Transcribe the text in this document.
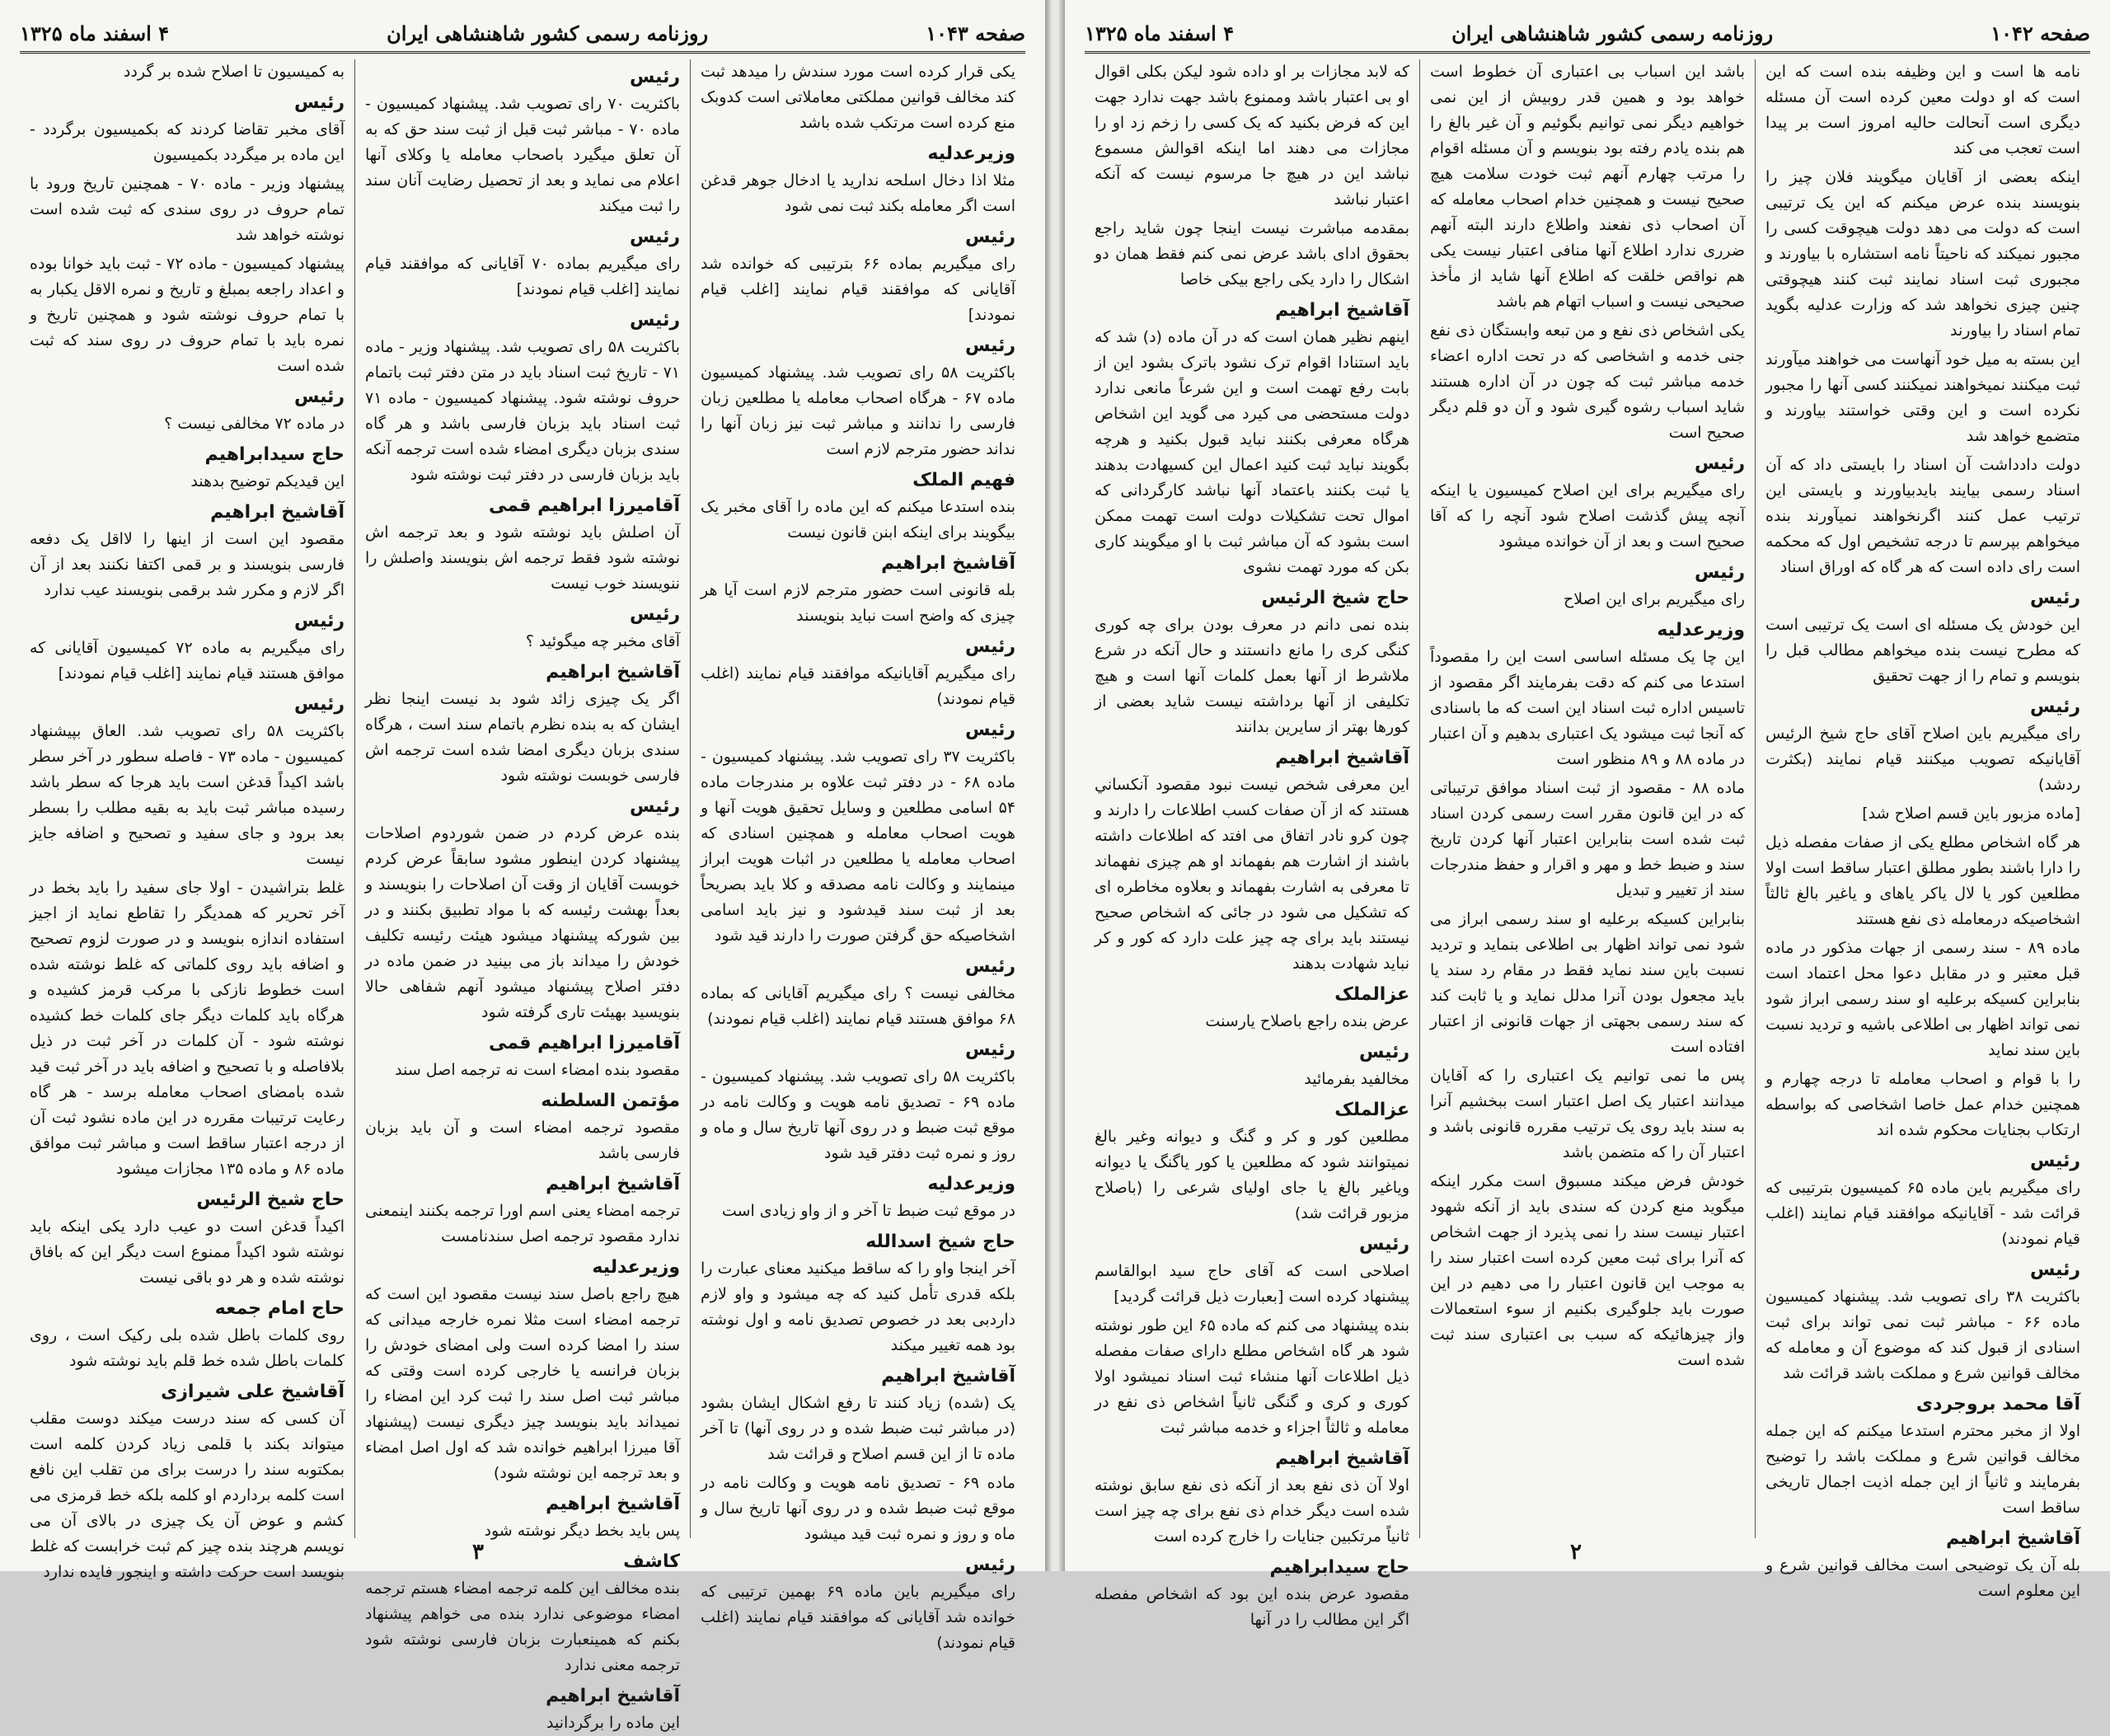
صفحه ۱۰۴۳
روزنامه رسمی کشور شاهنشاهی ایران
۴ اسفند ماه ۱۳۲۵
یکی قرار کرده است مورد سندش را میدهد ثبت کند مخالف قوانین مملکتی معاملاتی است کدوبک منع کرده است مرتکب شده باشد
وزیرعدلیه
مثلا اذا دخال اسلحه ندارید یا ادخال جوهر قدغن است اگر معامله بکند ثبت نمی شود
رئیس
رای میگیریم بماده ۶۶ بترتیبی که خوانده شد آقایانی که موافقند قیام نمایند [اغلب قیام نمودند]
رئیس
باکثریت ۵۸ رای تصویب شد. پیشنهاد کمیسیون ماده ۶۷ - هرگاه اصحاب معامله یا مطلعین زبان فارسی را ندانند و مباشر ثبت نیز زبان آنها را نداند حضور مترجم لازم است
فهیم الملک
بنده استدعا میکنم که این ماده را آقای مخبر یک بیگویند برای اینکه ابنن قانون نیست
آقاشیخ ابراهیم
بله قانونی است حضور مترجم لازم است آیا هر چیزی که واضح است نباید بنویسند
رئیس
رای میگیریم آقایانیکه موافقند قیام نمایند (اغلب قیام نمودند)
رئیس
باکثریت ۳۷ رای تصویب شد. پیشنهاد کمیسیون - ماده ۶۸ - در دفتر ثبت علاوه بر مندرجات ماده ۵۴ اسامی مطلعین و وسایل تحقیق هویت آنها و هویت اصحاب معامله و همچنین اسنادی که اصحاب معامله یا مطلعین در اثبات هویت ابراز مینمایند و وکالت نامه مصدقه و کلا باید بصریحاً بعد از ثبت سند قیدشود و نیز باید اسامی اشخاصیکه حق گرفتن صورت را دارند قید شود
رئیس
مخالفی نیست ؟ رای میگیریم آقایانی که بماده ۶۸ موافق هستند قیام نمایند (اغلب قیام نمودند)
رئیس
باکثریت ۵۸ رای تصویب شد. پیشنهاد کمیسیون - ماده ۶۹ - تصدیق نامه هویت و وکالت نامه در موقع ثبت ضبط و در روی آنها تاریخ سال و ماه و روز و نمره ثبت دفتر قید شود
وزیرعدلیه
در موقع ثبت ضبط تا آخر و از واو زیادی است
حاج شیخ اسدالله
آخر اینجا واو را که ساقط میکنید معنای عبارت را بلکه قدری تأمل کنید که چه میشود و واو لازم داردبی بعد در خصوص تصدیق نامه و اول نوشته بود همه تغییر میکند
آقاشیخ ابراهیم
یک (شده) زیاد کنند تا رفع اشکال ایشان بشود (در مباشر ثبت ضبط شده و در روی آنها) تا آخر ماده تا از این قسم اصلاح و قرائت شد
ماده ۶۹ - تصدیق نامه هویت و وکالت نامه در موقع ثبت ضبط شده و در روی آنها تاریخ سال و ماه و روز و نمره ثبت قید میشود
رئیس
رای میگیریم باین ماده ۶۹ بهمین ترتیبی که خوانده شد آقایانی که موافقند قیام نمایند (اغلب قیام نمودند)
رئیس
باکثریت ۷۰ رای تصویب شد. پیشنهاد کمیسیون - ماده ۷۰ - مباشر ثبت قبل از ثبت سند حق که به آن تعلق میگیرد باصحاب معامله یا وکلای آنها اعلام می نماید و بعد از تحصیل رضایت آنان سند را ثبت میکند
رئیس
رای میگیریم بماده ۷۰ آقایانی که موافقند قیام نمایند [اغلب قیام نمودند]
رئیس
باکثریت ۵۸ رای تصویب شد. پیشنهاد وزیر - ماده ۷۱ - تاریخ ثبت اسناد باید در متن دفتر ثبت باتمام حروف نوشته شود. پیشنهاد کمیسیون - ماده ۷۱ ثبت اسناد باید بزبان فارسی باشد و هر گاه سندی بزبان دیگری امضاء شده است ترجمه آنکه باید بزبان فارسی در دفتر ثبت نوشته شود
آقامیرزا ابراهیم قمی
آن اصلش باید نوشته شود و بعد ترجمه اش نوشته شود فقط ترجمه اش بنویسند واصلش را ننویسند خوب نیست
رئیس
آقای مخبر چه میگوئید ؟
آقاشیخ ابراهیم
اگر یک چیزی زائد شود بد نیست اینجا نظر ایشان که به بنده نظرم باتمام سند است ، هرگاه سندی بزبان دیگری امضا شده است ترجمه اش فارسی خوبست نوشته شود
رئیس
بنده عرض کردم در ضمن شوردوم اصلاحات پیشنهاد کردن اینطور مشود سابقاً عرض کردم خوبست آقایان از وقت آن اصلاحات را بنویسند و بعداً بهشت رئیسه که با مواد تطبیق بکنند و در بین شورکه پیشنهاد میشود هیئت رئیسه تکلیف خودش را میداند باز می بینید در ضمن ماده در دفتر اصلاح پیشنهاد میشود آنهم شفاهی حالا بنویسید بهیئت تاری گرفته شود
آقامیرزا ابراهیم قمی
مقصود بنده امضاء است نه ترجمه اصل سند
مؤتمن السلطنه
مقصود ترجمه امضاء است و آن باید بزبان فارسی باشد
آقاشیخ ابراهیم
ترجمه امضاء یعنی اسم اورا ترجمه بکنند اینمعنی ندارد مقصود ترجمه اصل سندنامست
وزیرعدلیه
هیچ راجع باصل سند نیست مقصود این است که ترجمه امضاء است مثلا نمره خارجه میدانی که سند را امضا کرده است ولی امضای خودش را بزبان فرانسه یا خارجی کرده است وقتی که مباشر ثبت اصل سند را ثبت کرد این امضاء را نمیداند باید بنویسد چیز دیگری نیست (پیشنهاد آقا میرزا ابراهیم خوانده شد که اول اصل امضاء و بعد ترجمه این نوشته شود)
آقاشیخ ابراهیم
پس باید بخط دیگر نوشته شود
کاشف
بنده مخالف این کلمه ترجمه امضاء هستم ترجمه امضاء موضوعی ندارد بنده می خواهم پیشنهاد بکنم که همینعبارت بزبان فارسی نوشته شود ترجمه معنی ندارد
آقاشیخ ابراهیم
این ماده را برگردانید
به کمیسیون تا اصلاح شده بر گردد
رئیس
آقای مخبر تقاضا کردند که بکمیسیون برگردد - این ماده بر میگردد بکمیسیون
پیشنهاد وزیر - ماده ۷۰ - همچنین تاریخ ورود با تمام حروف در روی سندی که ثبت شده است نوشته خواهد شد
پیشنهاد کمیسیون - ماده ۷۲ - ثبت باید خوانا بوده و اعداد راجعه بمبلغ و تاریخ و نمره الاقل یکبار به با تمام حروف نوشته شود و همچنین تاریخ و نمره باید با تمام حروف در روی سند که ثبت شده است
رئیس
در ماده ۷۲ مخالفی نیست ؟
حاج سیدابراهیم
این قیدیکم توضیح بدهند
آقاشیخ ابراهیم
مقصود این است از اینها را لااقل یک دفعه فارسی بنویسند و بر قمی اکتفا نکنند بعد از آن اگر لازم و مکرر شد برقمی بنویسند عیب ندارد
رئیس
رای میگیریم به ماده ۷۲ کمیسیون آقایانی که موافق هستند قیام نمایند [اغلب قیام نمودند]
رئیس
باکثریت ۵۸ رای تصویب شد. العاق بپیشنهاد کمیسیون - ماده ۷۳ - فاصله سطور در آخر سطر باشد اکیداً قدغن است باید هرجا که سطر باشد رسیده مباشر ثبت باید به بقیه مطلب را بسطر بعد برود و جای سفید و تصحیح و اضافه جایز نیست
غلط بتراشیدن - اولا جای سفید را باید بخط در آخر تحریر که همدیگر را تقاطع نماید از اجیز استفاده اندازه بنویسد و در صورت لزوم تصحیح و اضافه باید روی کلماتی که غلط نوشته شده است خطوط نازکی با مرکب قرمز کشیده و هرگاه باید کلمات دیگر جای کلمات خط کشیده نوشته شود - آن کلمات در آخر ثبت در ذیل بلافاصله و با تصحیح و اضافه باید در آخر ثبت قید شده بامضای اصحاب معامله برسد - هر گاه رعایت ترتیبات مقرره در این ماده نشود ثبت آن از درجه اعتبار ساقط است و مباشر ثبت موافق ماده ۸۶ و ماده ۱۳۵ مجازات میشود
حاج شیخ الرئیس
اکیداً قدغن است دو عیب دارد یکی اینکه باید نوشته شود اکیداً ممنوع است دیگر این که بافاق نوشته شده و هر دو باقی نیست
حاج امام جمعه
روی کلمات باطل شده بلی رکیک است ، روی کلمات باطل شده خط قلم باید نوشته شود
آقاشیخ علی شیرازی
آن کسی که سند درست میکند دوست مقلب میتواند بکند با قلمی زیاد کردن کلمه است بمکتوبه سند را درست برای من تقلب این نافع است کلمه برداردم او کلمه بلکه خط قرمزی می کشم و عوض آن یک چیزی در بالای آن می نویسم هرچند بنده چیز کم ثبت خرابست که غلط بنویسد است حرکت داشته و اینجور فایده ندارد
۳
صفحه ۱۰۴۲
روزنامه رسمی کشور شاهنشاهی ایران
۴ اسفند ماه ۱۳۲۵
نامه ها است و این وظیفه بنده است که این است که او دولت معین کرده است آن مسئله دیگری است آنحالت حالیه امروز است بر پیدا است تعجب می کند
اینکه بعضی از آقایان میگویند فلان چیز را بنویسند بنده عرض میکنم که این یک ترتیبی است که دولت می دهد دولت هیچوقت کسی را مجبور نمیکند که ناحیتاً نامه استشاره با بیاورند و مجبوری ثبت اسناد نمایند ثبت کنند هیچوقتی چنین چیزی نخواهد شد که وزارت عدلیه بگوید تمام اسناد را بیاورند
این بسته به میل خود آنهاست می خواهند میآورند ثبت میکنند نمیخواهند نمیکنند کسی آنها را مجبور نکرده است و این وقتی خواستند بیاورند و متضمع خواهد شد
دولت دادداشت آن اسناد را بایستی داد که آن اسناد رسمی بیایند بایدبیاورند و بایستی این ترتیب عمل کنند اگرنخواهند نمیآورند بنده میخواهم بپرسم تا درجه تشخیص اول که محکمه است رای داده است که هر گاه که اوراق اسناد
رئیس
این خودش یک مسئله ای است یک ترتیبی است که مطرح نیست بنده میخواهم مطالب قبل را بنویسم و تمام را از جهت تحقیق
رئیس
رای میگیریم باین اصلاح آقای حاج شیخ الرئیس آقایانیکه تصویب میکنند قیام نمایند (بکثرت ردشد)
[ماده مزبور باین قسم اصلاح شد]
هر گاه اشخاص مطلع یکی از صفات مفصله ذیل را دارا باشند بطور مطلق اعتبار ساقط است اولا مطلعین کور یا لال یاکر یاهای و یاغیر بالغ ثالثاً اشخاصیکه درمعامله ذی نفع هستند
ماده ۸۹ - سند رسمی از جهات مذکور در ماده قبل معتبر و در مقابل دعوا محل اعتماد است بنابراین کسیکه برعلیه او سند رسمی ابراز شود نمی تواند اظهار بی اطلاعی باشیه و تردید نسبت باین سند نماید
را با قوام و اصحاب معامله تا درجه چهارم و همچنین خدام عمل خاصا اشخاصی که بواسطه ارتکاب بجنایات محکوم شده اند
رئیس
رای میگیریم باین ماده ۶۵ کمیسیون بترتیبی که قرائت شد - آقایانیکه موافقند قیام نمایند (اغلب قیام نمودند)
رئیس
باکثریت ۳۸ رای تصویب شد. پیشنهاد کمیسیون ماده ۶۶ - مباشر ثبت نمی تواند برای ثبت اسنادی از قبول کند که موضوع آن و معامله که مخالف قوانین شرع و مملکت باشد قرائت شد
آقا محمد بروجردی
اولا از مخبر محترم استدعا میکنم که این جمله مخالف قوانین شرع و مملکت باشد را توضیح بفرمایند و ثانیاً از این جمله اذیت اجمال تاریخی ساقط است
آقاشیخ ابراهیم
بله آن یک توضیحی است مخالف قوانین شرع و این معلوم است
باشد این اسباب بی اعتباری آن خطوط است خواهد بود و همین قدر روبیش از این نمی خواهیم دیگر نمی توانیم بگوئیم و آن غیر بالغ را هم بنده یادم رفته بود بنویسم و آن مسئله اقوام را مرتب چهارم آنهم ثبت خودت سلامت هیچ صحیح نیست و همچنین خدام اصحاب معامله که آن اصحاب ذی نفعند واطلاع دارند البته آنهم ضرری ندارد اطلاع آنها منافی اعتبار نیست یکی هم نواقص خلقت که اطلاع آنها شاید از مأخذ صحیحی نیست و اسباب اتهام هم باشد
یکی اشخاص ذی نفع و من تبعه وابستگان ذی نفع جنی خدمه و اشخاصی که در تحت اداره اعضاء خدمه مباشر ثبت که چون در آن اداره هستند شاید اسباب رشوه گیری شود و آن دو قلم دیگر صحیح است
رئیس
رای میگیریم برای این اصلاح کمیسیون یا اینکه آنچه پیش گذشت اصلاح شود آنچه را که آقا صحیح است و بعد از آن خوانده میشود
رئیس
رای میگیریم برای این اصلاح
وزیرعدلیه
این چا یک مسئله اساسی است این را مقصوداً استدعا می کنم که دقت بفرمایند اگر مقصود از تاسیس اداره ثبت اسناد این است که ما باسنادی که آنجا ثبت میشود یک اعتباری بدهیم و آن اعتبار در ماده ۸۸ و ۸۹ منظور است
ماده ۸۸ - مقصود از ثبت اسناد موافق ترتیباتی که در این قانون مقرر است رسمی کردن اسناد ثبت شده است بنابراین اعتبار آنها کردن تاریخ سند و ضبط خط و مهر و اقرار و حفظ مندرجات سند از تغییر و تبدیل
بنابراین کسیکه برعلیه او سند رسمی ابراز می شود نمی تواند اظهار بی اطلاعی بنماید و تردید نسبت باین سند نماید فقط در مقام رد سند یا باید مجعول بودن آنرا مدلل نماید و یا ثابت کند که سند رسمی بجهتی از جهات قانونی از اعتبار افتاده است
پس ما نمی توانیم یک اعتباری را که آقایان میدانند اعتبار یک اصل اعتبار است ببخشیم آنرا به سند باید روی یک ترتیب مقرره قانونی باشد و اعتبار آن را که متضمن باشد
خودش فرض میکند مسبوق است مکرر اینکه میگوید منع کردن که سندی باید از آنکه شهود اعتبار نیست سند را نمی پذیرد از جهت اشخاص که آنرا برای ثبت معین کرده است اعتبار سند را به موجب این قانون اعتبار را می دهیم در این صورت باید جلوگیری بکنیم از سوء استعمالات واز چیزهائیکه که سبب بی اعتباری سند ثبت شده است
که لابد مجازات بر او داده شود لیکن بکلی اقوال او بی اعتبار باشد وممنوع باشد جهت ندارد جهت این که فرض بکنید که یک کسی را زخم زد او را مجازات می دهند اما اینکه اقوالش مسموع نباشد این در هیچ جا مرسوم نیست که آنکه اعتبار نباشد
بمقدمه مباشرت نیست اینجا چون شاید راجع بحقوق ادای باشد عرض نمی کنم فقط همان دو اشکال را دارد یکی راجع بیکی خاصا
آقاشیخ ابراهیم
اینهم نظیر همان است که در آن ماده (د) شد که باید استنادا اقوام ترک نشود باترک بشود این از بابت رفع تهمت است و این شرعاً مانعی ندارد دولت مستحضی می کیرد می گوید این اشخاص هرگاه معرفی بکنند نباید قبول بکنید و هرچه بگویند نباید ثبت کنید اعمال این کسیهادت بدهند یا ثبت بکنند باعتماد آنها نباشد کارگردانی که اموال تحت تشکیلات دولت است تهمت ممکن است بشود که آن مباشر ثبت با او میگویند کاری بکن که مورد تهمت نشوی
حاج شیخ الرئیس
بنده نمی دانم در معرف بودن برای چه کوری کنگی کری را مانع دانستند و حال آنکه در شرع ملاشرط از آنها بعمل کلمات آنها است و هیچ تکلیفی از آنها برداشته نیست شاید بعضی از کورها بهتر از سایرین بدانند
آقاشیخ ابراهیم
این معرفی شخص نیست نبود مقصود آنکساني هستند که از آن صفات کسب اطلاعات را دارند و چون کرو نادر اتفاق می افتد که اطلاعات داشته باشند از اشارت هم بفهماند او هم چیزی نفهماند تا معرفی به اشارت بفهماند و بعلاوه مخاطره ای که تشکیل می شود در جائی که اشخاص صحیح نیستند باید برای چه چیز علت دارد که کور و کر نباید شهادت بدهند
عزالملک
عرض بنده راجع باصلاح یارسنت
رئیس
مخالفید بفرمائید
عزالملک
مطلعین کور و کر و گنگ و دیوانه وغیر بالغ نمیتوانند شود که مطلعین یا کور یاگنگ یا دیوانه ویاغیر بالغ یا جای اولیای شرعی را (باصلاح مزبور قرائت شد)
رئیس
اصلاحی است که آقای حاج سید ابوالقاسم پیشنهاد کرده است [بعبارت ذیل قرائت گردید]
بنده پیشنهاد می کنم که ماده ۶۵ این طور نوشته شود هر گاه اشخاص مطلع دارای صفات مفصله ذیل اطلاعات آنها منشاء ثبت اسناد نمیشود اولا کوری و کری و گنگی ثانیاً اشخاص ذی نفع در معامله و ثالثاً اجزاء و خدمه مباشر ثبت
آقاشیخ ابراهیم
اولا آن ذی نفع بعد از آنکه ذی نفع سابق نوشته شده است دیگر خدام ذی نفع برای چه چیز است ثانیاً مرتکبین جنایات را خارج کرده است
حاج سیدابراهیم
مقصود عرض بنده این بود که اشخاص مفصله اگر این مطالب را در آنها
۲
